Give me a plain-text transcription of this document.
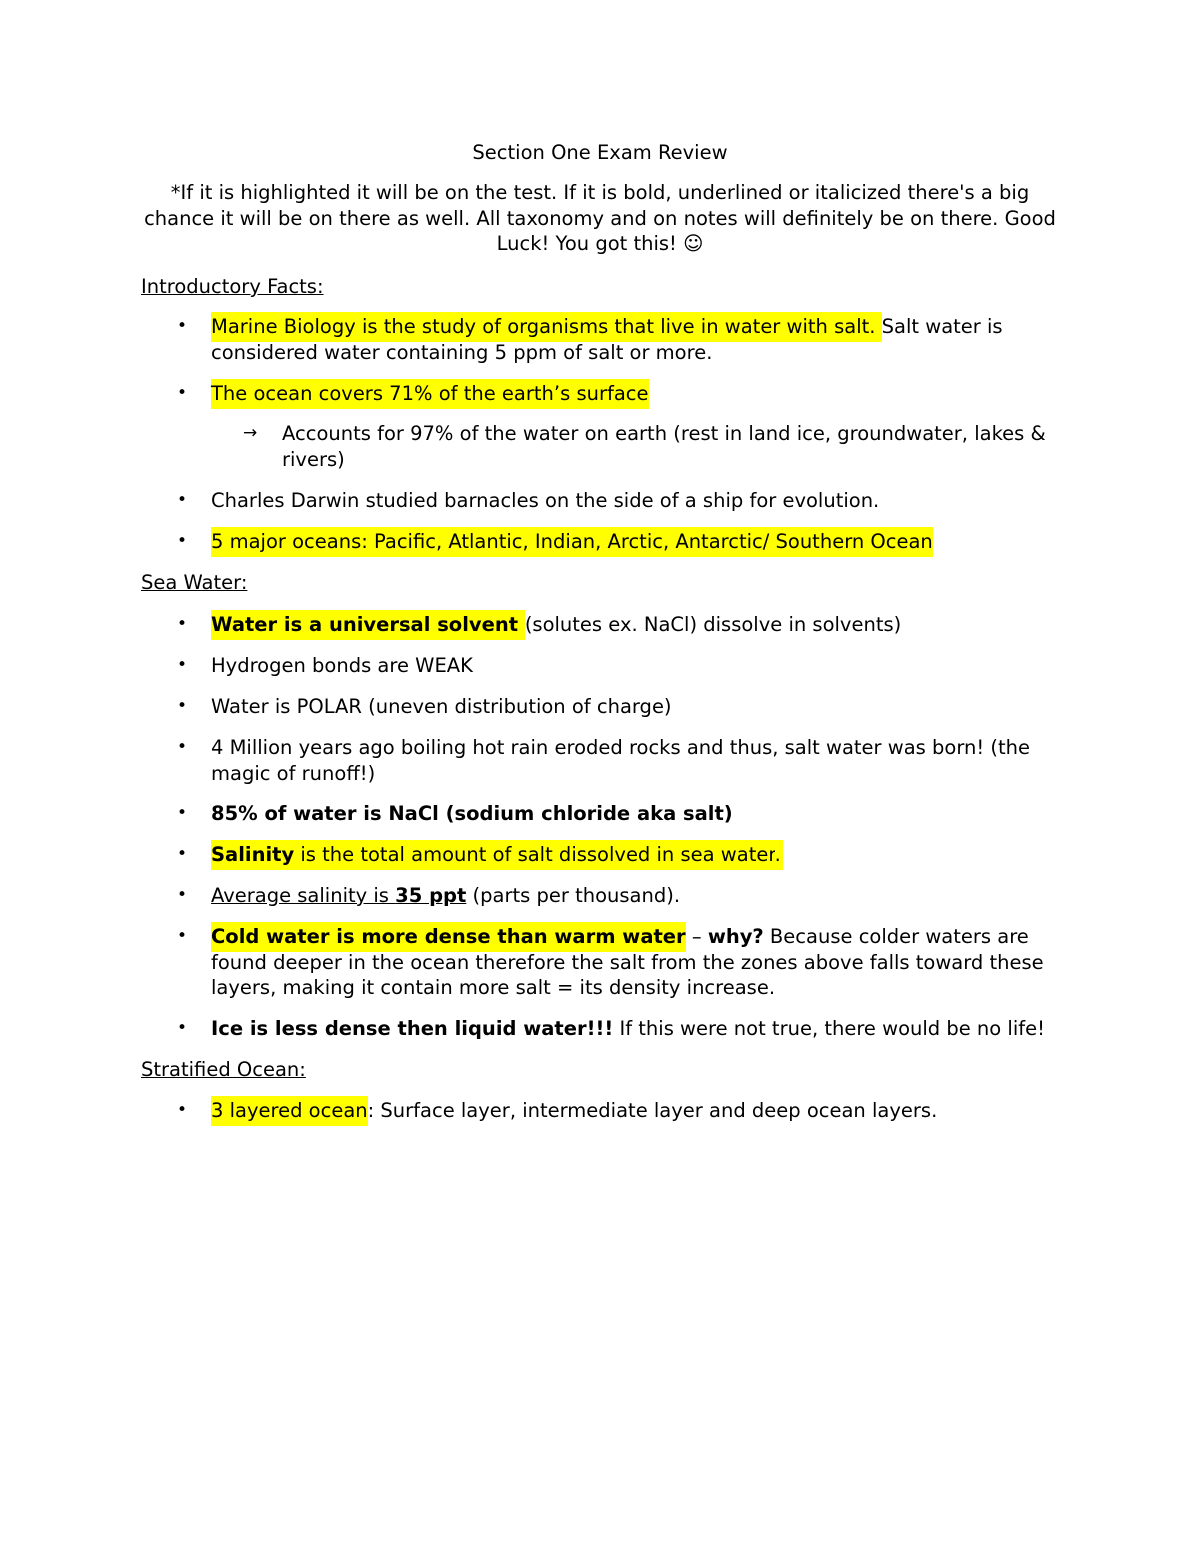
Section One Exam Review
*If it is highlighted it will be on the test. If it is bold, underlined or italicized there's a big chance it will be on there as well. All taxonomy and on notes will definitely be on there. Good Luck! You got this! ☺
Introductory Facts:
• Marine Biology is the study of organisms that live in water with salt. Salt water is considered water containing 5 ppm of salt or more.
• The ocean covers 71% of the earth’s surface
→ Accounts for 97% of the water on earth (rest in land ice, groundwater, lakes & rivers)
• Charles Darwin studied barnacles on the side of a ship for evolution.
• 5 major oceans: Pacific, Atlantic, Indian, Arctic, Antarctic/ Southern Ocean
Sea Water:
• Water is a universal solvent (solutes ex. NaCl) dissolve in solvents)
• Hydrogen bonds are WEAK
• Water is POLAR (uneven distribution of charge)
• 4 Million years ago boiling hot rain eroded rocks and thus, salt water was born! (the magic of runoff!)
• 85% of water is NaCl (sodium chloride aka salt)
• Salinity is the total amount of salt dissolved in sea water.
• Average salinity is 35 ppt (parts per thousand).
• Cold water is more dense than warm water – why? Because colder waters are found deeper in the ocean therefore the salt from the zones above falls toward these layers, making it contain more salt = its density increase.
• Ice is less dense then liquid water!!! If this were not true, there would be no life!
Stratified Ocean:
• 3 layered ocean: Surface layer, intermediate layer and deep ocean layers.
